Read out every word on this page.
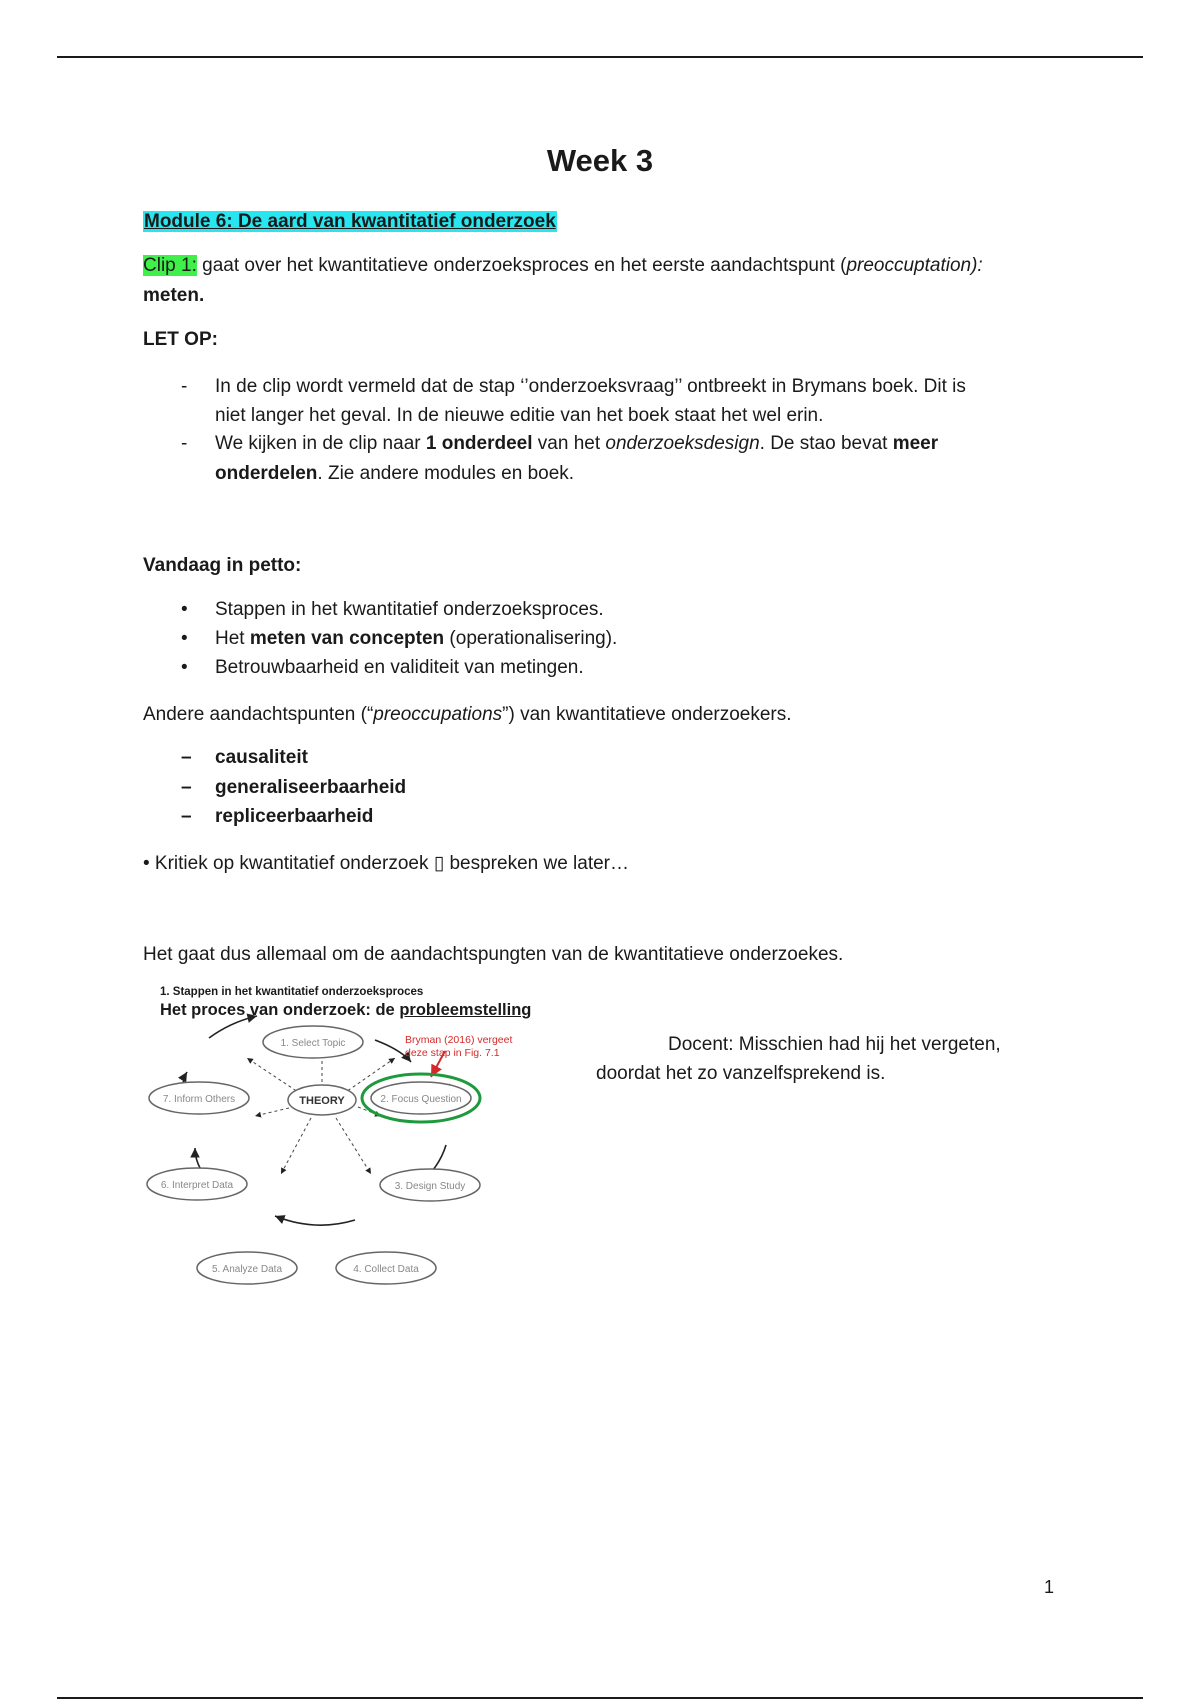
Week 3
Module 6: De aard van kwantitatief onderzoek
Clip 1: gaat over het kwantitatieve onderzoeksproces en het eerste aandachtspunt (preoccuptation):
meten.
LET OP:
-	In de clip wordt vermeld dat de stap ‘’onderzoeksvraag’’ ontbreekt in Brymans boek. Dit is
niet langer het geval. In de nieuwe editie van het boek staat het wel erin.
-	We kijken in de clip naar 1 onderdeel van het onderzoeksdesign. De stao bevat meer
onderdelen. Zie andere modules en boek.
Vandaag in petto:
•	Stappen in het kwantitatief onderzoeksproces.
•	Het meten van concepten (operationalisering).
•	Betrouwbaarheid en validiteit van metingen.
Andere aandachtspunten (“preoccupations”) van kwantitatieve onderzoekers.
–	causaliteit
–	generaliseerbaarheid
–	repliceerbaarheid
• Kritiek op kwantitatief onderzoek ▯ bespreken we later…
Het gaat dus allemaal om de aandachtspungten van de kwantitatieve onderzoekes.
1. Stappen in het kwantitatief onderzoeksproces
Het proces van onderzoek: de probleemstelling
Bryman (2016) vergeet
deze stap in Fig. 7.1
1. Select Topic
2. Focus Question
3. Design Study
4. Collect Data
5. Analyze Data
6. Interpret Data
7. Inform Others	THEORY
Docent: Misschien had hij het vergeten,
doordat het zo vanzelfsprekend is.
1
